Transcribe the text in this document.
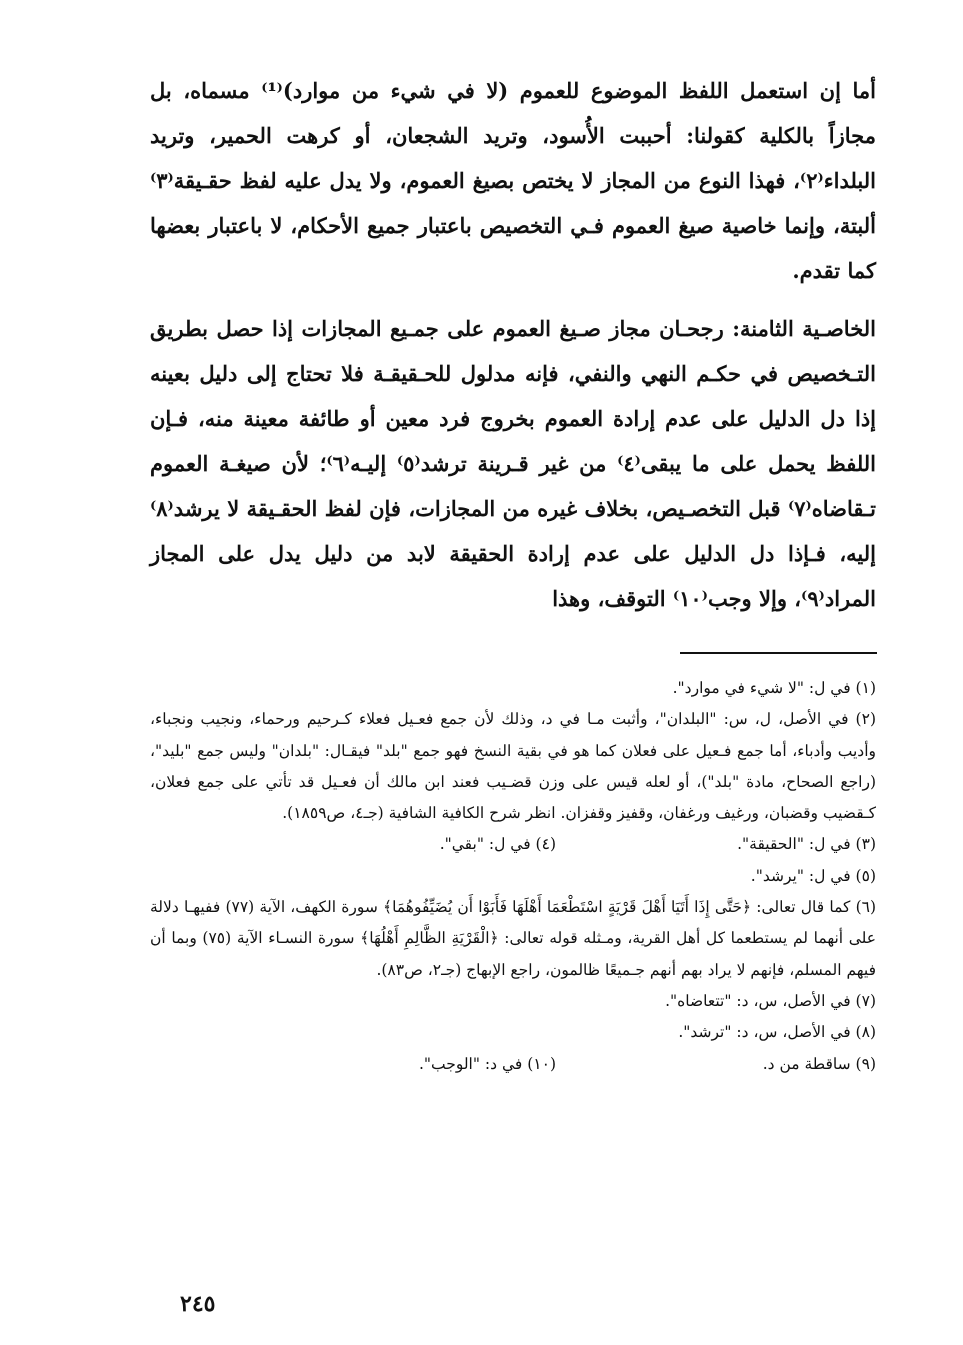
أما إن استعمل اللفظ الموضوع للعموم (لا في شيء من موارد)⁽¹⁾ مسماه، بل مجازاً بالكلية كقولنا: أحببت الأُسود، وتريد الشجعان، أو كرهت الحمير، وتريد البلداء⁽٢⁾، فهذا النوع من المجاز لا يختص بصيغ العموم، ولا يدل عليه لفظ حقـيقة⁽٣⁾ ألبتة، وإنما خاصية صيغ العموم فـي التخصيص باعتبار جميع الأحكام، لا باعتبار بعضها كما تقدم.

الخاصـية الثامنة: رجحـان مجاز صـيغ العموم على جمـيع المجازات إذا حصل بطريق التـخصيص في حكـم النهي والنفي، فإنه مدلول للحـقيقـة فلا تحتاج إلى دليل بعينه إذا دل الدليل على عدم إرادة العموم بخروج فرد معين أو طائفة معينة منه، فـإن اللفظ يحمل على ما يبقى⁽٤⁾ من غير قـرينة ترشد⁽٥⁾ إليـه⁽٦⁾؛ لأن صيغـة العموم تـقاضاه⁽٧⁾ قبل التخصـيص، بخلاف غيره من المجازات، فإن لفظ الحقـيقة لا يرشد⁽٨⁾ إليه، فـإذا دل الدليل على عدم إرادة الحقيقة لابد من دليل يدل على المجاز المراد⁽٩⁾، وإلا وجب⁽١٠⁾ التوقف، وهذا

(١) في ل: "لا شيء في موارد".

(٢) في الأصل، ل، س: "البلدان"، وأثبت مـا في د، وذلك لأن جمع فعـيل فعلاء كـرحيم ورحماء، ونجيب ونجباء، وأديب وأدباء، أما جمع فـعيل على فعلان كما هو في بقية النسخ فهو جمع "بلد" فيقـال: "بلدان" وليس جمع "بليد"، (راجع الصحاح، مادة "بلد")، أو لعله قيس على وزن قضـيب فعند ابن مالك أن فعـيل قد تأتي على جمع فعلان، كـقضيب وقضبان، ورغيف ورغفان، وقفيز وقفزان. انظر شرح الكافية الشافية (جـ٤، ص١٨٥٩).

(٣) في ل: "الحقيقة".

(٤) في ل: "بقي".

(٥) في ل: "يرشد".

(٦) كما قال تعالى: ﴿حَتَّى إِذَا أَتَيَا أَهْلَ قَرْيَةٍ اسْتَطْعَمَا أَهْلَهَا فَأَبَوْا أَن يُضَيِّفُوهُمَا﴾ سورة الكهف، الآية (٧٧) ففيهـا دلالة على أنهما لم يستطعما كل أهل القرية، ومـثله قوله تعالى: ﴿الْقَرْيَةِ الظَّالِمِ أَهْلُهَا﴾ سورة النسـاء الآية (٧٥) وبما أن فيهم المسلم، فإنهم لا يراد بهم أنهم جـميعًا ظالمون، راجع الإبهاج (جـ٢، ص٨٣).

(٧) في الأصل، س، د: "تتعاضاه".

(٨) في الأصل، س، د: "ترشد".

(٩) ساقطة من د.

(١٠) في د: "الوجب".

٢٤٥
